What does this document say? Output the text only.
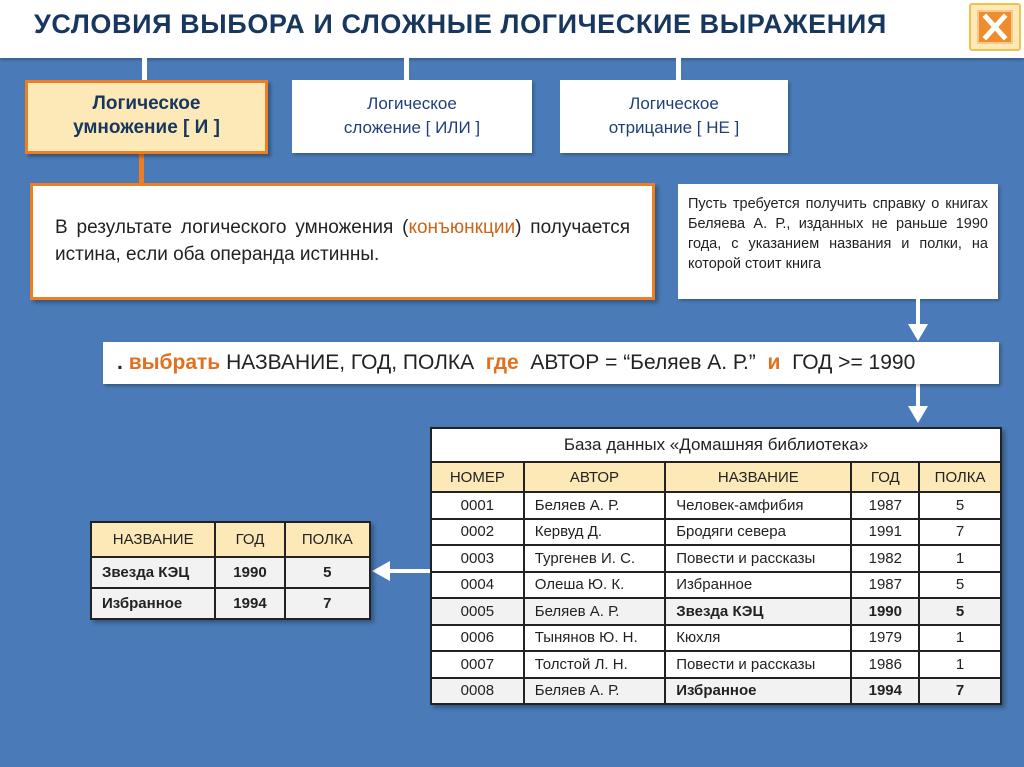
УСЛОВИЯ ВЫБОРА И СЛОЖНЫЕ ЛОГИЧЕСКИЕ ВЫРАЖЕНИЯ
Логическое
умножение [ И ]
Логическое
сложение [ ИЛИ ]
Логическое
отрицание [ НЕ ]
В результате логического умножения (конъюнкции) получается истина, если оба операнда истинны.
Пусть требуется получить справку о книгах Беляева А. Р., изданных не раньше 1990 года, с указанием названия и полки, на которой стоит книга
. выбрать НАЗВАНИЕ, ГОД, ПОЛКА где АВТОР = “Беляев А. Р.” и ГОД >= 1990
База данных «Домашняя библиотека»				
НОМЕР	АВТОР	НАЗВАНИЕ	ГОД	ПОЛКА
0001	Беляев А. Р.	Человек-амфибия	1987	5
0002	Кервуд Д.	Бродяги севера	1991	7
0003	Тургенев И. С.	Повести и рассказы	1982	1
0004	Олеша Ю. К.	Избранное	1987	5
0005	Беляев А. Р.	Звезда КЭЦ	1990	5
0006	Тынянов Ю. Н.	Кюхля	1979	1
0007	Толстой Л. Н.	Повести и рассказы	1986	1
0008	Беляев А. Р.	Избранное	1994	7
НАЗВАНИЕ	ГОД	ПОЛКА
Звезда КЭЦ	1990	5
Избранное	1994	7
